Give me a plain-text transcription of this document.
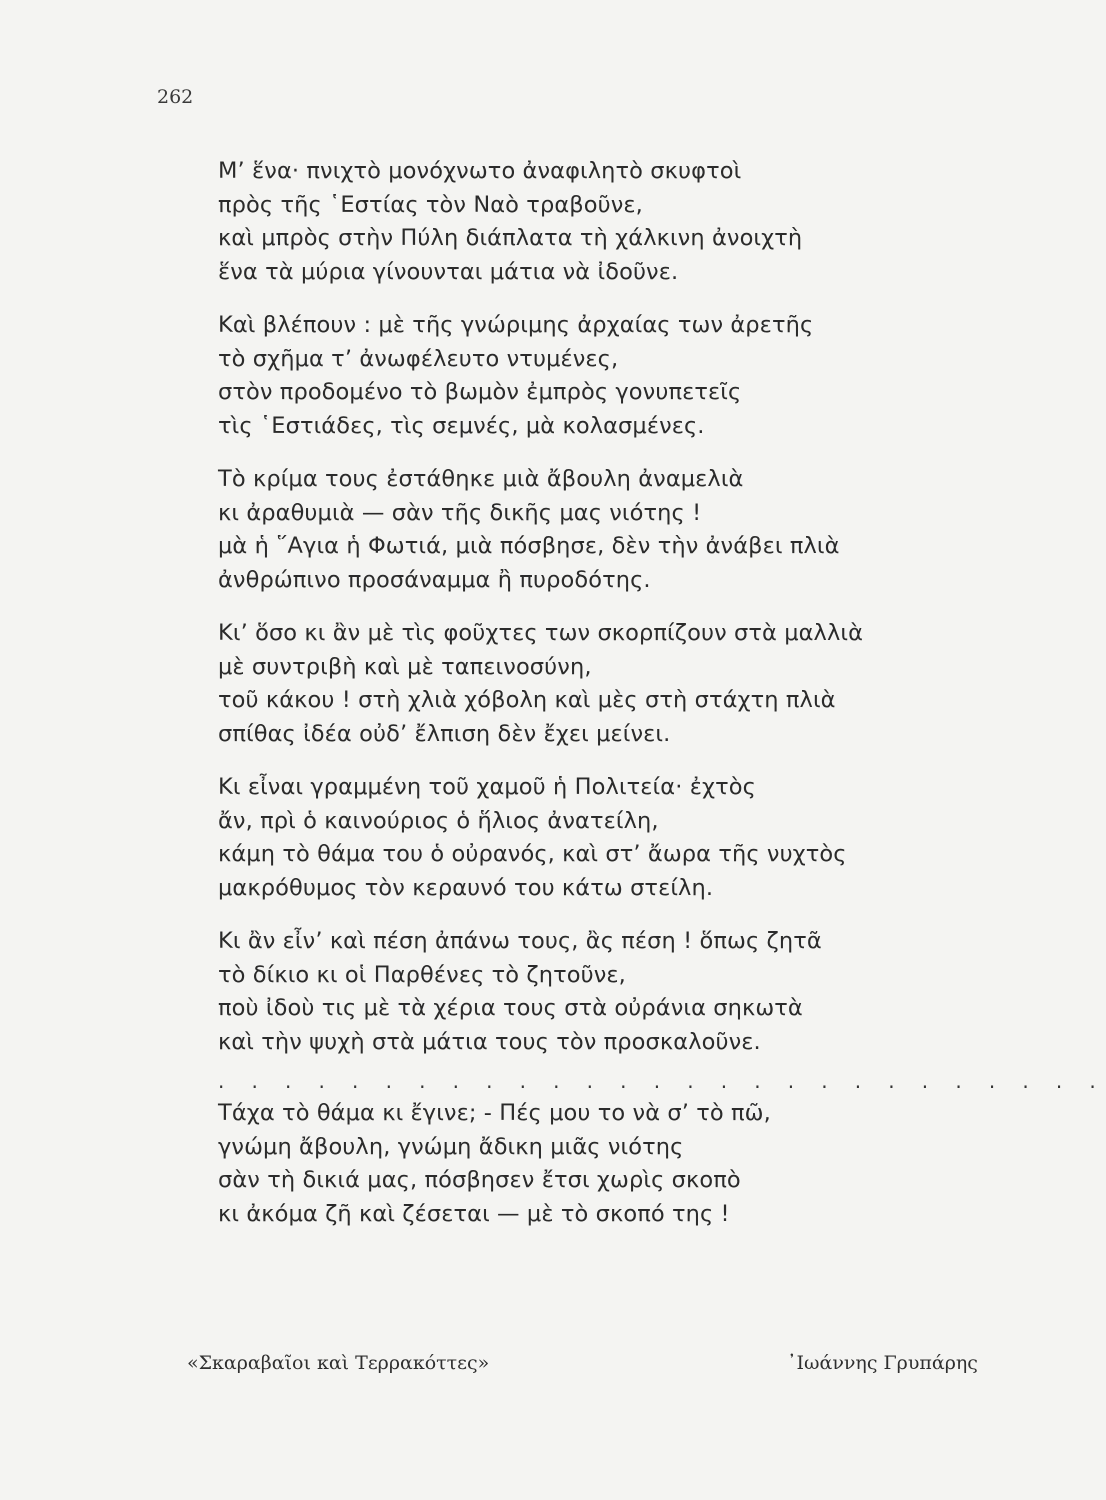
262
Μ’ ἕνα· πνιχτὸ μονόχνωτο ἀναφιλητὸ σκυφτοὶ
πρὸς τῆς ῾Εστίας τὸν Ναὸ τραβοῦνε,
καὶ μπρὸς στὴν Πύλη διάπλατα τὴ χάλκινη ἀνοιχτὴ
ἕνα τὰ μύρια γίνουνται μάτια νὰ ἰδοῦνε.
Καὶ βλέπουν : μὲ τῆς γνώριμης ἀρχαίας των ἀρετῆς
τὸ σχῆμα τ’ ἀνωφέλευτο ντυμένες,
στὸν προδομένο τὸ βωμὸν ἐμπρὸς γονυπετεῖς
τὶς ῾Εστιάδες, τὶς σεμνές, μὰ κολασμένες.
Τὸ κρίμα τους ἐστάθηκε μιὰ ἄβουλη ἀναμελιὰ
κι ἀραθυμιὰ — σὰν τῆς δικῆς μας νιότης !
μὰ ἡ ῞Αγια ἡ Φωτιά, μιὰ πόσβησε, δὲν τὴν ἀνάβει πλιὰ
ἀνθρώπινο προσάναμμα ἢ πυροδότης.
Κι’ ὅσο κι ἂν μὲ τὶς φοῦχτες των σκορπίζουν στὰ μαλλιὰ
μὲ συντριβὴ καὶ μὲ ταπεινοσύνη,
τοῦ κάκου ! στὴ χλιὰ χόβολη καὶ μὲς στὴ στάχτη πλιὰ
σπίθας ἰδέα οὐδ’ ἔλπιση δὲν ἔχει μείνει.
Κι εἶναι γραμμένη τοῦ χαμοῦ ἡ Πολιτεία· ἐχτὸς
ἄν, πρὶ ὁ καινούριος ὁ ἥλιος ἀνατείλη,
κάμη τὸ θάμα του ὁ οὐρανός, καὶ στ’ ἄωρα τῆς νυχτὸς
μακρόθυμος τὸν κεραυνό του κάτω στείλη.
Κι ἂν εἶν’ καὶ πέση ἀπάνω τους, ἂς πέση ! ὅπως ζητᾶ
τὸ δίκιο κι οἱ Παρθένες τὸ ζητοῦνε,
ποὺ ἰδοὺ τις μὲ τὰ χέρια τους στὰ οὐράνια σηκωτὰ
καὶ τὴν ψυχὴ στὰ μάτια τους τὸν προσκαλοῦνε.
. . . . . . . . . . . . . . . . . . . . . . . . . . .
Τάχα τὸ θάμα κι ἔγινε; - Πές μου το νὰ σ’ τὸ πῶ,
γνώμη ἄβουλη, γνώμη ἄδικη μιᾶς νιότης
σὰν τὴ δικιά μας, πόσβησεν ἔτσι χωρὶς σκοπὸ
κι ἀκόμα ζῆ καὶ ζέσεται — μὲ τὸ σκοπό της !
«Σκαραβαῖοι καὶ Τερρακόττες»	᾿Ιωάννης Γρυπάρης
